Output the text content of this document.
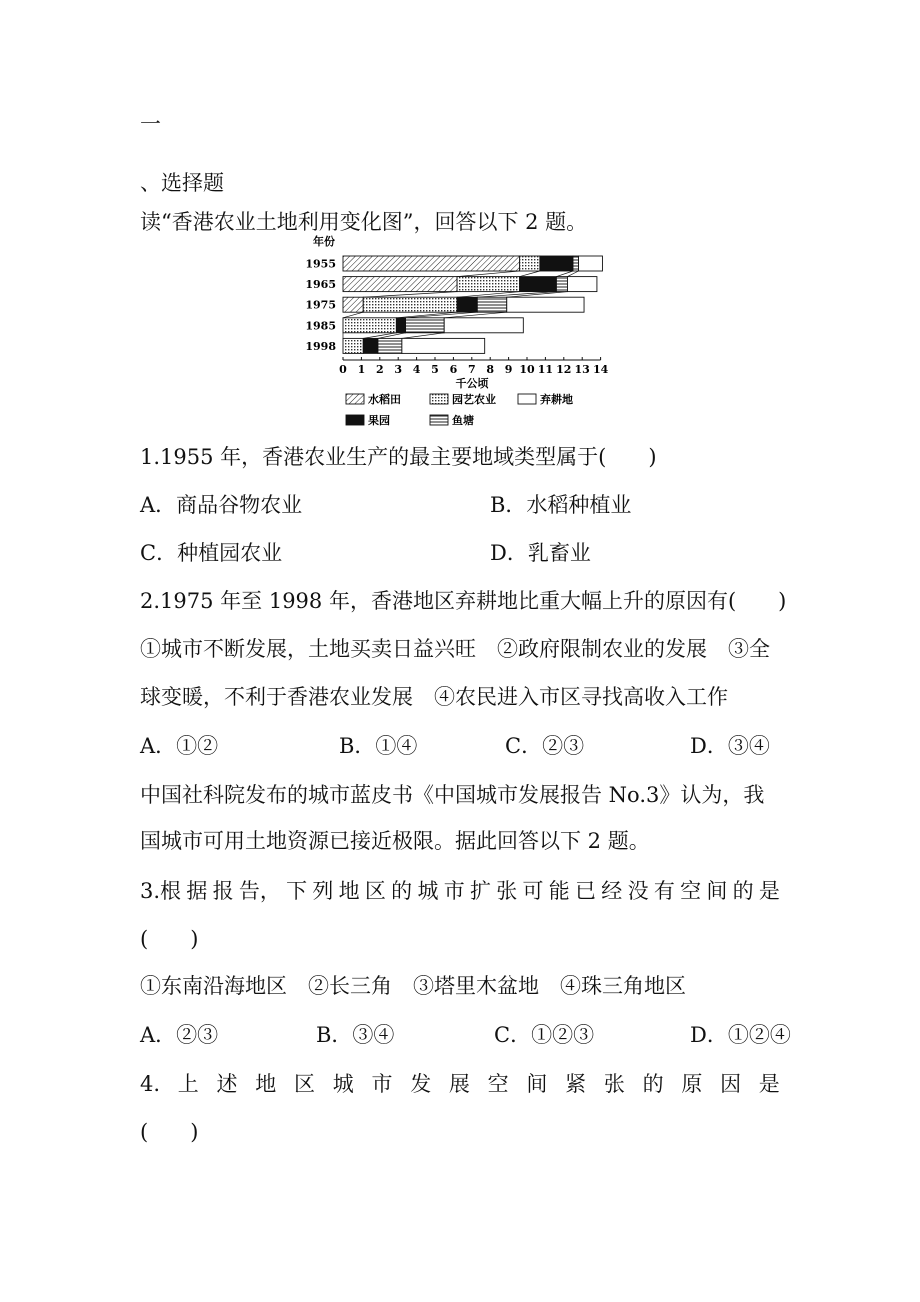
一
、选择题
读“香港农业土地利用变化图”，回答以下 2 题。
年份
1955
1965
1975
1985
1998
0 1 2 3 4 5 6 7 8 9 10 11 12 13 14
千公顷
水稻田	园艺农业	弃耕地
果园	鱼塘
1.1955 年，香港农业生产的最主要地域类型属于(　　)
A．商品谷物农业	B．水稻种植业
C．种植园农业	D．乳畜业
2.1975 年至 1998 年，香港地区弃耕地比重大幅上升的原因有(　　)
①城市不断发展，土地买卖日益兴旺　②政府限制农业的发展　③全
球变暖，不利于香港农业发展　④农民进入市区寻找高收入工作
A．①②	B．①④	C．②③	D．③④
中国社科院发布的城市蓝皮书《中国城市发展报告 No.3》认为，我
国城市可用土地资源已接近极限。据此回答以下 2 题。
3.根 据 报 告， 下 列 地 区 的 城 市 扩 张 可 能 已 经 没 有 空 间 的 是
(　　)
①东南沿海地区　②长三角　③塔里木盆地　④珠三角地区
A．②③	B．③④	C．①②③	D．①②④
4. 上 述 地 区 城 市 发 展 空 间 紧 张 的 原 因 是
(　　)
